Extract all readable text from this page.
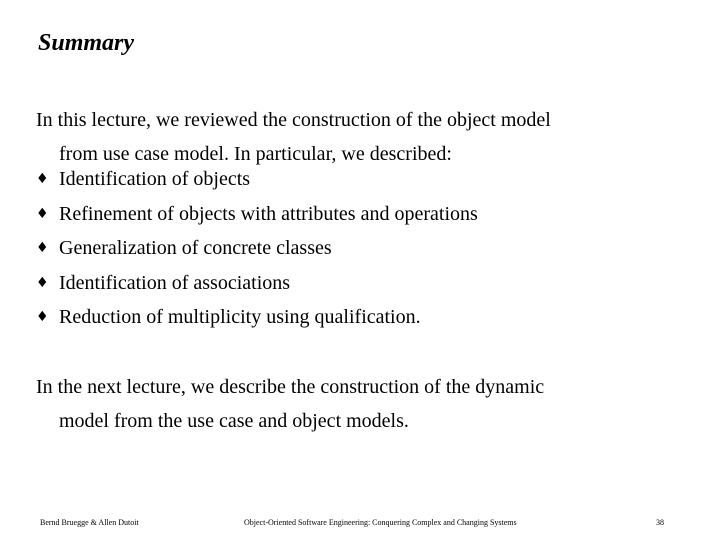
Summary
In this lecture, we reviewed the construction of the object model
from use case model. In particular, we described:
♦ Identification of objects
♦ Refinement of objects with attributes and operations
♦ Generalization of concrete classes
♦ Identification of associations
♦ Reduction of multiplicity using qualification.
In the next lecture, we describe the construction of the dynamic
model from the use case and object models.
Bernd Bruegge & Allen Dutoit	Object-Oriented Software Engineering: Conquering Complex and Changing Systems	38
